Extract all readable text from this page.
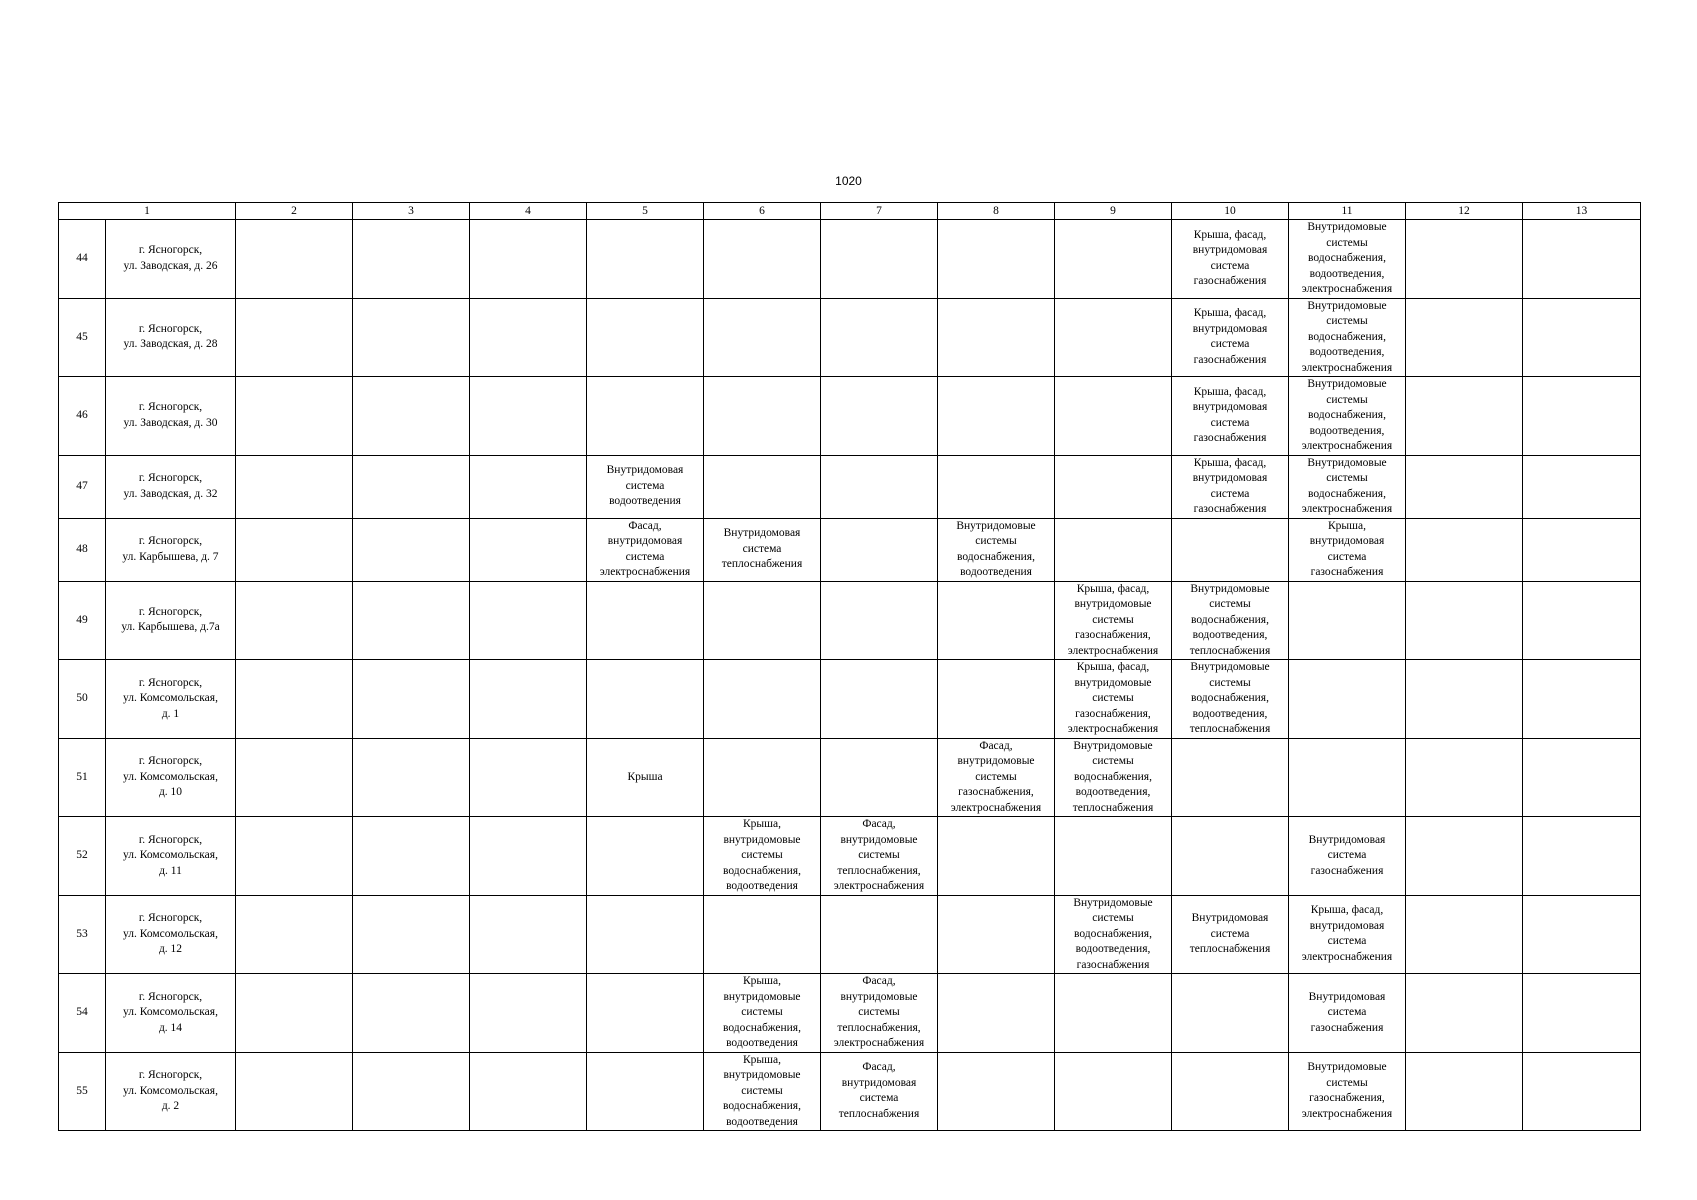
1020
1		2	3	4	5	6	7	8	9	10	11	12	13

44	г. Ясногорск,
ул. Заводская, д. 26									Крыша, фасад,
внутридомовая
система
газоснабжения	Внутридомовые
системы
водоснабжения,
водоотведения,
электроснабжения		

45	г. Ясногорск,
ул. Заводская, д. 28									Крыша, фасад,
внутридомовая
система
газоснабжения	Внутридомовые
системы
водоснабжения,
водоотведения,
электроснабжения		

46	г. Ясногорск,
ул. Заводская, д. 30									Крыша, фасад,
внутридомовая
система
газоснабжения	Внутридомовые
системы
водоснабжения,
водоотведения,
электроснабжения		

47	г. Ясногорск,
ул. Заводская, д. 32				Внутридомовая
система
водоотведения					Крыша, фасад,
внутридомовая
система
газоснабжения	Внутридомовые
системы
водоснабжения,
электроснабжения		

48	г. Ясногорск,
ул. Карбышева, д. 7				Фасад,
внутридомовая
система
электроснабжения	Внутридомовая
система
теплоснабжения		Внутридомовые
системы
водоснабжения,
водоотведения			Крыша,
внутридомовая
система
газоснабжения		

49	г. Ясногорск,
ул. Карбышева, д.7а								Крыша, фасад,
внутридомовые
системы
газоснабжения,
электроснабжения	Внутридомовые
системы
водоснабжения,
водоотведения,
теплоснабжения			

50	г. Ясногорск,
ул. Комсомольская,
д. 1								Крыша, фасад,
внутридомовые
системы
газоснабжения,
электроснабжения	Внутридомовые
системы
водоснабжения,
водоотведения,
теплоснабжения			

51	г. Ясногорск,
ул. Комсомольская,
д. 10				Крыша			Фасад,
внутридомовые
системы
газоснабжения,
электроснабжения	Внутридомовые
системы
водоснабжения,
водоотведения,
теплоснабжения				

52	г. Ясногорск,
ул. Комсомольская,
д. 11					Крыша,
внутридомовые
системы
водоснабжения,
водоотведения	Фасад,
внутридомовые
системы
теплоснабжения,
электроснабжения				Внутридомовая
система
газоснабжения		

53	г. Ясногорск,
ул. Комсомольская,
д. 12								Внутридомовые
системы
водоснабжения,
водоотведения,
газоснабжения	Внутридомовая
система
теплоснабжения	Крыша, фасад,
внутридомовая
система
электроснабжения		

54	г. Ясногорск,
ул. Комсомольская,
д. 14					Крыша,
внутридомовые
системы
водоснабжения,
водоотведения	Фасад,
внутридомовые
системы
теплоснабжения,
электроснабжения				Внутридомовая
система
газоснабжения		

55	г. Ясногорск,
ул. Комсомольская,
д. 2					Крыша,
внутридомовые
системы
водоснабжения,
водоотведения	Фасад,
внутридомовая
система
теплоснабжения				Внутридомовые
системы
газоснабжения,
электроснабжения		
